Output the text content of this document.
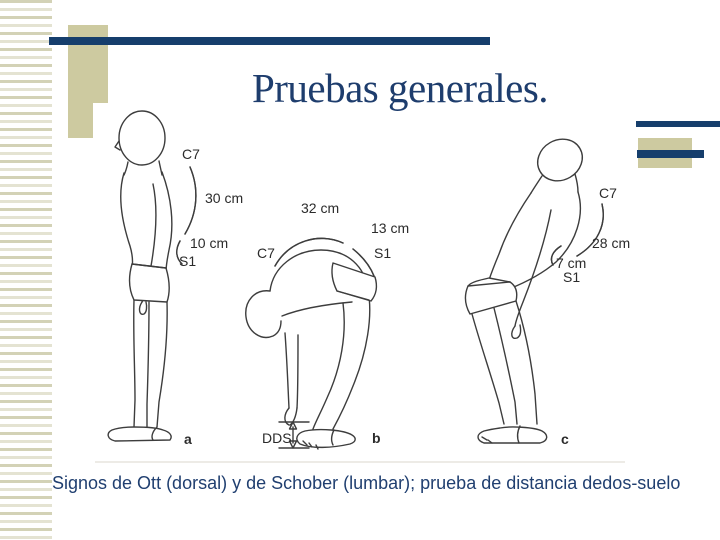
Pruebas generales.
C7
30 cm
10 cm
S1
a
32 cm
13 cm
C7	S1
DDS	b
C7
28 cm
7 cm
S1
c

Signos de Ott (dorsal) y de Schober (lumbar); prueba de distancia dedos-suelo
